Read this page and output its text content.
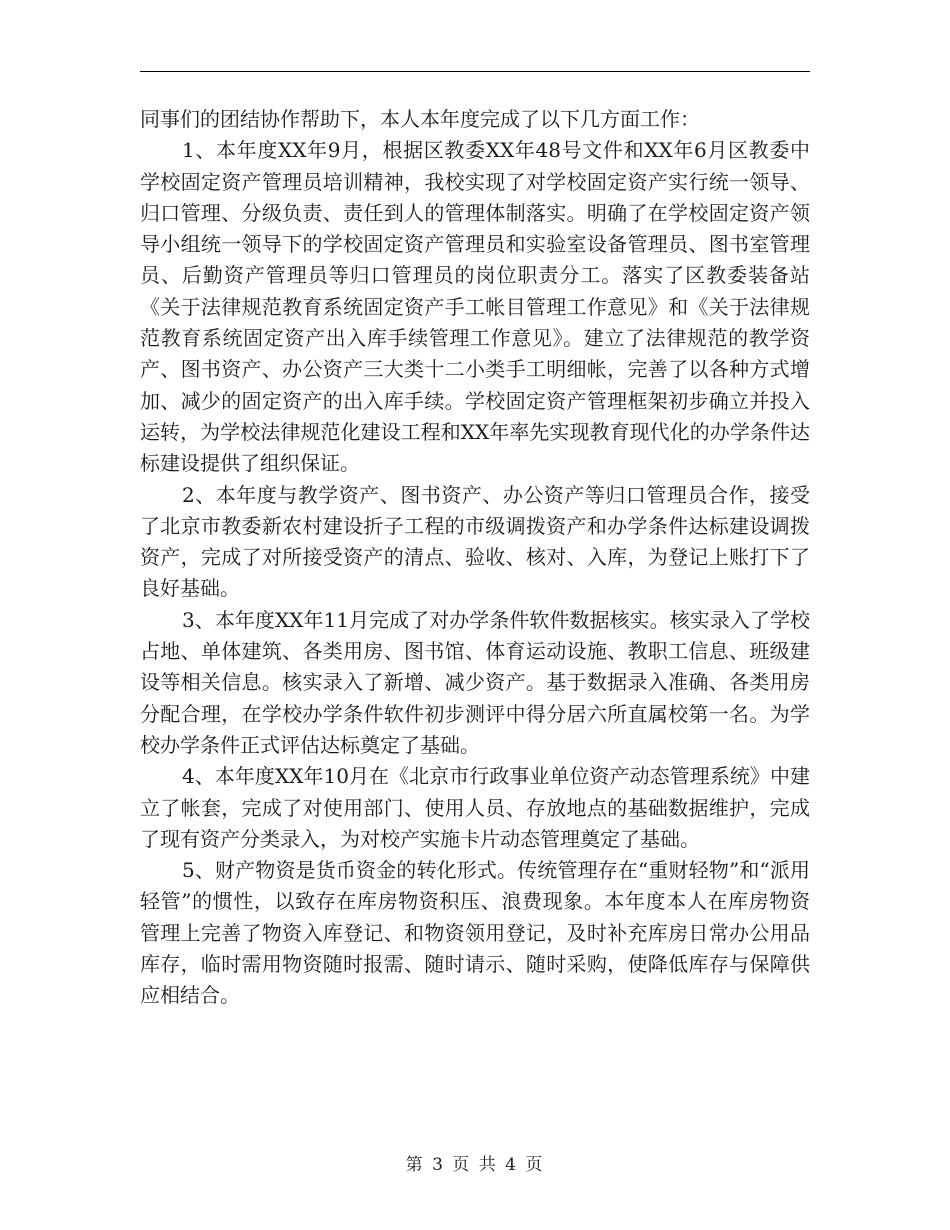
同事们的团结协作帮助下，本人本年度完成了以下几方面工作：

1、本年度XX年9月，根据区教委XX年48号文件和XX年6月区教委中学校固定资产管理员培训精神，我校实现了对学校固定资产实行统一领导、归口管理、分级负责、责任到人的管理体制落实。明确了在学校固定资产领导小组统一领导下的学校固定资产管理员和实验室设备管理员、图书室管理员、后勤资产管理员等归口管理员的岗位职责分工。落实了区教委装备站《关于法律规范教育系统固定资产手工帐目管理工作意见》和《关于法律规范教育系统固定资产出入库手续管理工作意见》。建立了法律规范的教学资产、图书资产、办公资产三大类十二小类手工明细帐，完善了以各种方式增加、减少的固定资产的出入库手续。学校固定资产管理框架初步确立并投入运转，为学校法律规范化建设工程和XX年率先实现教育现代化的办学条件达标建设提供了组织保证。

2、本年度与教学资产、图书资产、办公资产等归口管理员合作，接受了北京市教委新农村建设折子工程的市级调拨资产和办学条件达标建设调拨资产，完成了对所接受资产的清点、验收、核对、入库，为登记上账打下了良好基础。

3、本年度XX年11月完成了对办学条件软件数据核实。核实录入了学校占地、单体建筑、各类用房、图书馆、体育运动设施、教职工信息、班级建设等相关信息。核实录入了新增、减少资产。基于数据录入准确、各类用房分配合理，在学校办学条件软件初步测评中得分居六所直属校第一名。为学校办学条件正式评估达标奠定了基础。

4、本年度XX年10月在《北京市行政事业单位资产动态管理系统》中建立了帐套，完成了对使用部门、使用人员、存放地点的基础数据维护，完成了现有资产分类录入，为对校产实施卡片动态管理奠定了基础。

5、财产物资是货币资金的转化形式。传统管理存在“重财轻物”和“派用轻管”的惯性，以致存在库房物资积压、浪费现象。本年度本人在库房物资管理上完善了物资入库登记、和物资领用登记，及时补充库房日常办公用品库存，临时需用物资随时报需、随时请示、随时采购，使降低库存与保障供应相结合。

第 3 页 共 4 页
